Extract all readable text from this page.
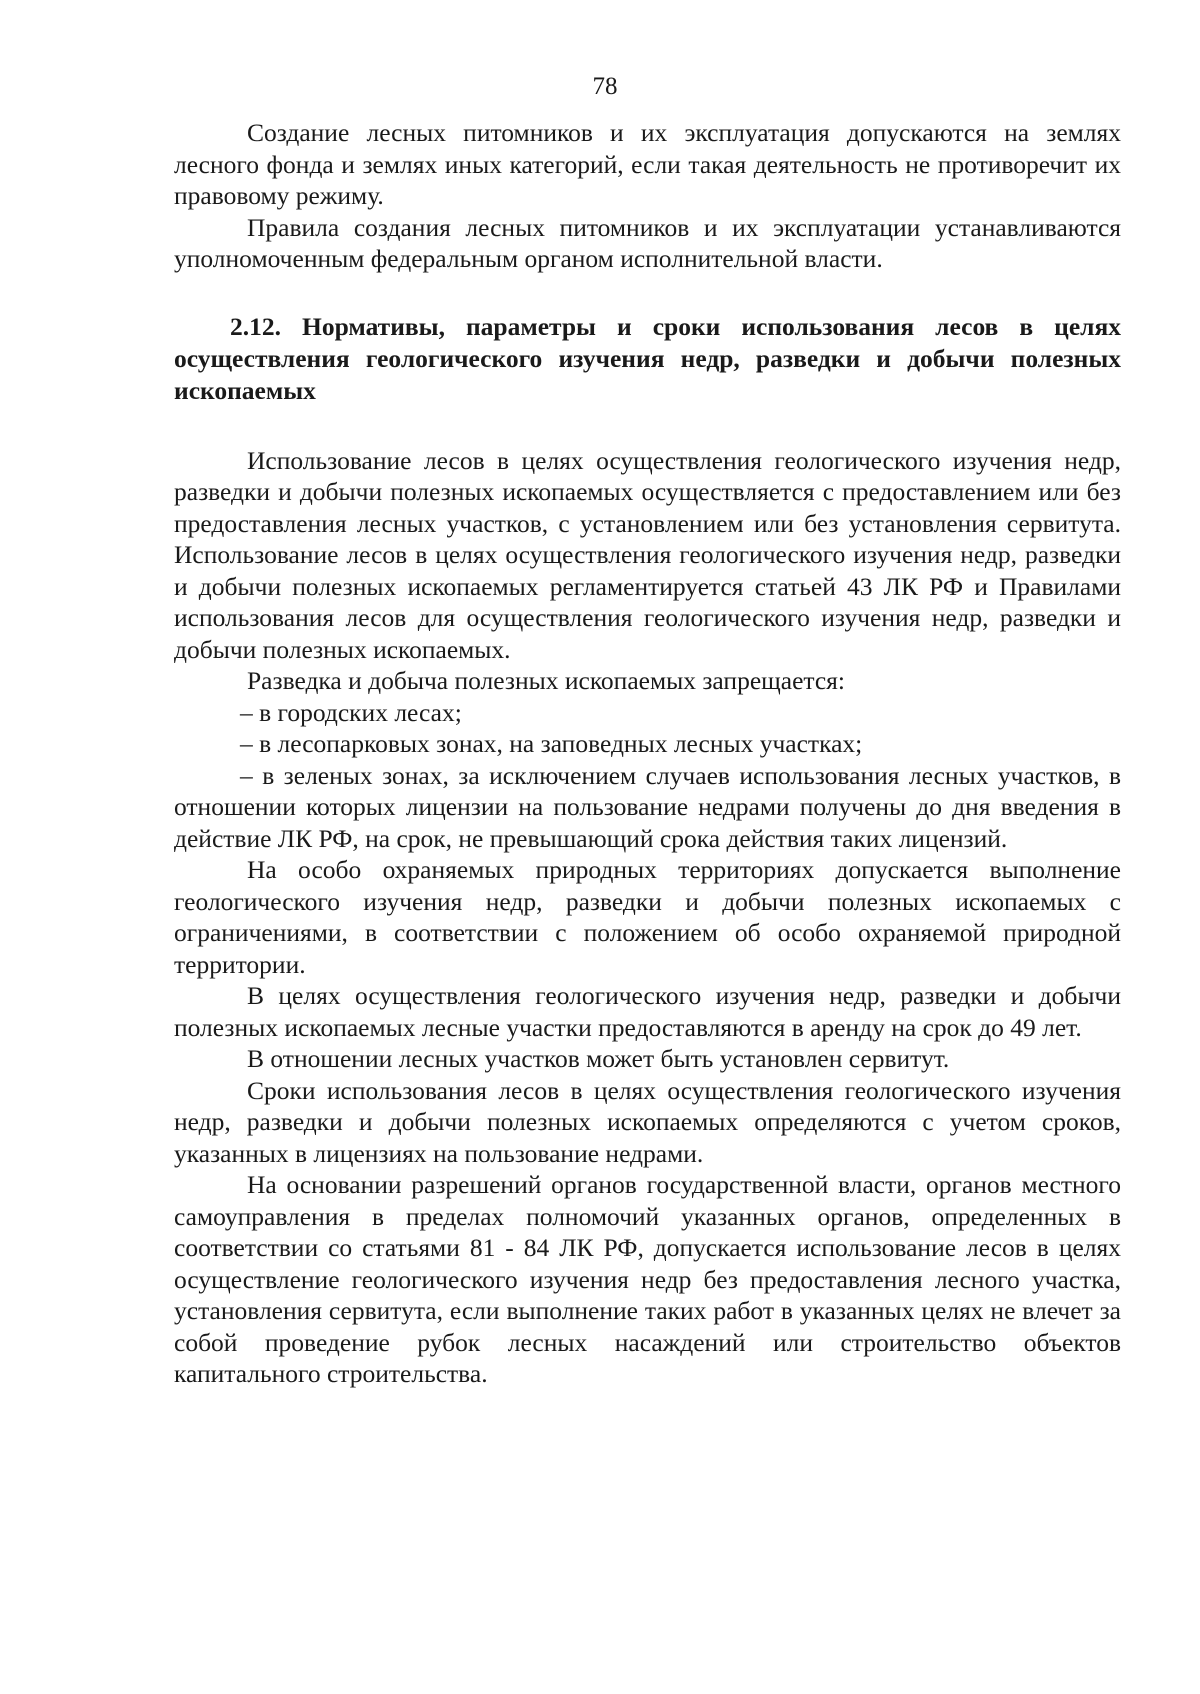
78

Создание лесных питомников и их эксплуатация допускаются на землях лесного фонда и землях иных категорий, если такая деятельность не противоречит их правовому режиму.

Правила создания лесных питомников и их эксплуатации устанавливаются уполномоченным федеральным органом исполнительной власти.

2.12. Нормативы, параметры и сроки использования лесов в целях осуществления геологического изучения недр, разведки и добычи полезных ископаемых

Использование лесов в целях осуществления геологического изучения недр, разведки и добычи полезных ископаемых осуществляется с предоставлением или без предоставления лесных участков, с установлением или без установления сервитута. Использование лесов в целях осуществления геологического изучения недр, разведки и добычи полезных ископаемых регламентируется статьей 43 ЛК РФ и Правилами использования лесов для осуществления геологического изучения недр, разведки и добычи полезных ископаемых.

Разведка и добыча полезных ископаемых запрещается:

– в городских лесах;

– в лесопарковых зонах, на заповедных лесных участках;

– в зеленых зонах, за исключением случаев использования лесных участков, в отношении которых лицензии на пользование недрами получены до дня введения в действие ЛК РФ, на срок, не превышающий срока действия таких лицензий.

На особо охраняемых природных территориях допускается выполнение геологического изучения недр, разведки и добычи полезных ископаемых с ограничениями, в соответствии с положением об особо охраняемой природной территории.

В целях осуществления геологического изучения недр, разведки и добычи полезных ископаемых лесные участки предоставляются в аренду на срок до 49 лет.

В отношении лесных участков может быть установлен сервитут.

Сроки использования лесов в целях осуществления геологического изучения недр, разведки и добычи полезных ископаемых определяются с учетом сроков, указанных в лицензиях на пользование недрами.

На основании разрешений органов государственной власти, органов местного самоуправления в пределах полномочий указанных органов, определенных в соответствии со статьями 81 - 84 ЛК РФ, допускается использование лесов в целях осуществление геологического изучения недр без предоставления лесного участка, установления сервитута, если выполнение таких работ в указанных целях не влечет за собой проведение рубок лесных насаждений или строительство объектов капитального строительства.
